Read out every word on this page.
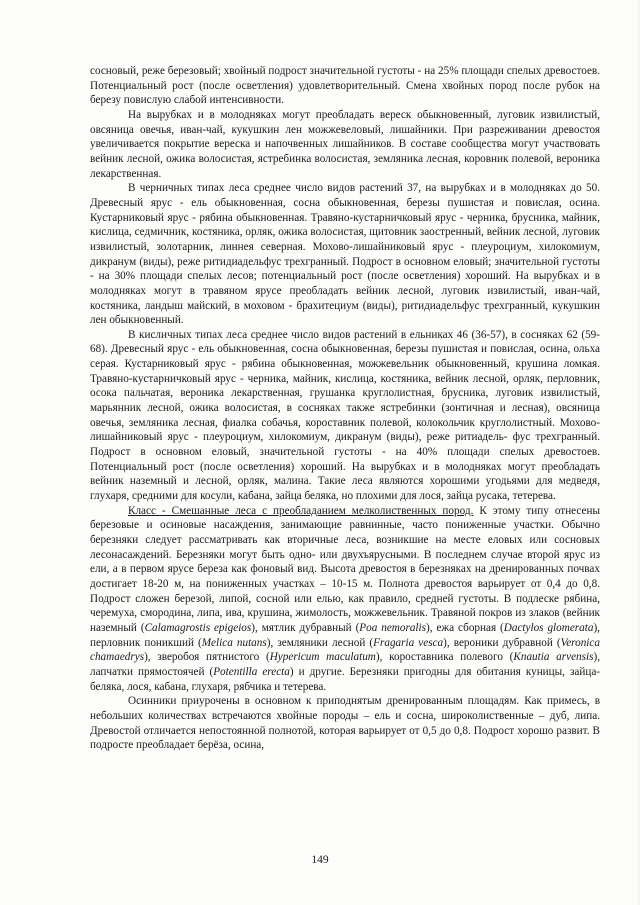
сосновый, реже березовый; хвойный подрост значительной густоты - на 25% площади спелых древостоев. Потенциальный рост (после осветления) удовлетворительный. Смена хвойных пород после рубок на березу повислую слабой интенсивности.

На вырубках и в молодняках могут преобладать вереск обыкновенный, луговик извилистый, овсяница овечья, иван-чай, кукушкин лен можжевеловый, лишайники. При разреживании древостоя увеличивается покрытие вереска и напочвенных лишайников. В составе сообщества могут участвовать вейник лесной, ожика волосистая, ястребинка волосистая, земляника лесная, коровник полевой, вероника лекарственная.

В черничных типах леса среднее число видов растений 37, на вырубках и в молодняках до 50. Древесный ярус - ель обыкновенная, сосна обыкновенная, березы пушистая и повислая, осина. Кустарниковый ярус - рябина обыкновенная. Травяно-кустарничковый ярус - черника, брусника, майник, кислица, седмичник, костяника, орляк, ожика волосистая, щитовник заостренный, вейник лесной, луговик извилистый, золотарник, линнея северная. Мохово-лишайниковый ярус - плеуроциум, хилокомиум, дикранум (виды), реже ритидиадельфус трехгранный. Подрост в основном еловый; значительной густоты - на 30% площади спелых лесов; потенциальный рост (после осветления) хороший. На вырубках и в молодняках могут в травяном ярусе преобладать вейник лесной, луговик извилистый, иван-чай, костяника, ландыш майский, в моховом - брахитециум (виды), ритидиадельфус трехгранный, кукушкин лен обыкновенный.

В кисличных типах леса среднее число видов растений в ельниках 46 (36-57), в сосняках 62 (59-68). Древесный ярус - ель обыкновенная, сосна обыкновенная, березы пушистая и повислая, осина, ольха серая. Кустарниковый ярус - рябина обыкновенная, можжевельник обыкновенный, крушина ломкая. Травяно-кустарничковый ярус - черника, майник, кислица, костяника, вейник лесной, орляк, перловник, осока пальчатая, вероника лекарственная, грушанка круглолистная, брусника, луговик извилистый, марьянник лесной, ожика волосистая, в сосняках также ястребинки (зонтичная и лесная), овсяница овечья, земляника лесная, фиалка собачья, короставник полевой, колокольчик круглолистный. Мохово-лишайниковый ярус - плеуроциум, хилокомиум, дикранум (виды), реже ритиадель- фус трехгранный. Подрост в основном еловый, значительной густоты - на 40% площади спелых древостоев. Потенциальный рост (после осветления) хороший. На вырубках и в молодняках могут преобладать вейник наземный и лесной, орляк, малина. Такие леса являются хорошими угодьями для медведя, глухаря, средними для косули, кабана, зайца беляка, но плохими для лося, зайца русака, тетерева.

Класс - Смешанные леса с преобладанием мелколиственных пород. К этому типу отнесены березовые и осиновые насаждения, занимающие равнинные, часто пониженные участки. Обычно березняки следует рассматривать как вторичные леса, возникшие на месте еловых или сосновых лесонасаждений. Березняки могут быть одно- или двухъярусными. В последнем случае второй ярус из ели, а в первом ярусе береза как фоновый вид. Высота древостоя в березняках на дренированных почвах достигает 18-20 м, на пониженных участках – 10-15 м. Полнота древостоя варьирует от 0,4 до 0,8. Подрост сложен березой, липой, сосной или елью, как правило, средней густоты. В подлеске рябина, черемуха, смородина, липа, ива, крушина, жимолость, можжевельник. Травяной покров из злаков (вейник наземный (Calamagrostis epigeios), мятлик дубравный (Poa nemoralis), ежа сборная (Dactylos glomerata), перловник поникший (Melica nutans), земляники лесной (Fragaria vesca), вероники дубравной (Veronica chamaedrys), зверобоя пятнистого (Hypericum maculatum), короставника полевого (Knautia arvensis), лапчатки прямостоячей (Potentilla erecta) и другие. Березняки пригодны для обитания куницы, зайца-беляка, лося, кабана, глухаря, рябчика и тетерева.

Осинники приурочены в основном к приподнятым дренированным площадям. Как примесь, в небольших количествах встречаются хвойные породы – ель и сосна, широколиственные – дуб, липа. Древостой отличается непостоянной полнотой, которая варьирует от 0,5 до 0,8. Подрост хорошо развит. В подросте преобладает берёза, осина,

149
